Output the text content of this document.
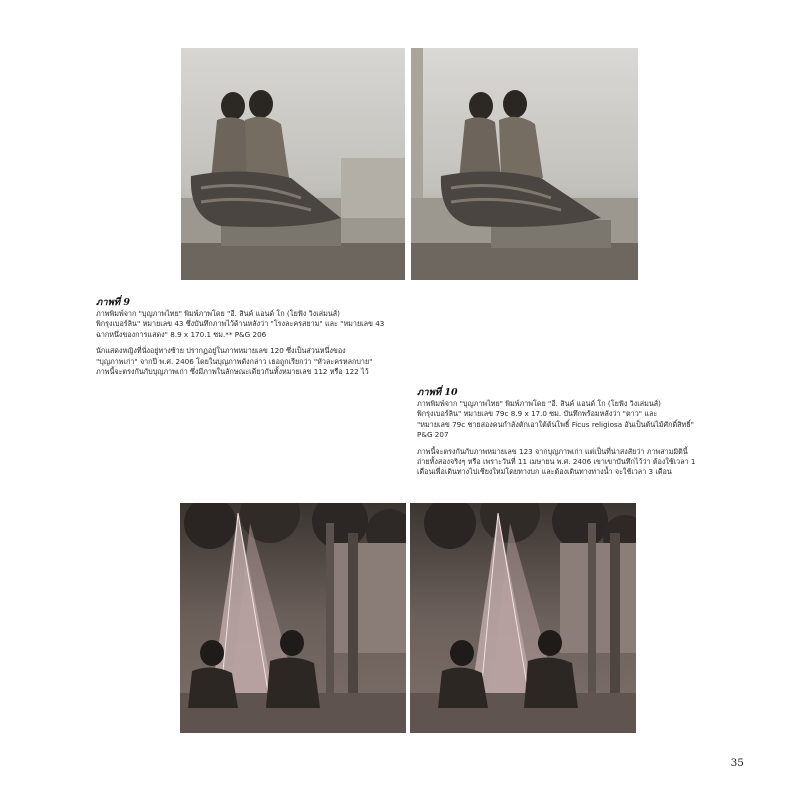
ภาพที่ 9

ภาพพิมพ์จาก "บุญภาพไทย" พิมพ์ภาพโดย "อี. สินค์ แอนด์ โก (โยฟัง วิงเล่มนส์)

พิกรุงเบอร์ลิน" หมายเลข 43 ซึ่งบันทึกภาพไว้ด้านหลังว่า "โรงละครสยาม" และ "หมายเลข 43

ฉากหนึ่งของการแสดง" 8.9 x 170.1 ซม.** P&G 206

นักแสดงหญิงที่นั่งอยู่ทางซ้าย ปรากฏอยู่ในภาพหมายเลข 120 ซึ่งเป็นส่วนหนึ่งของ

"บุญภาพเก่า" จากปี พ.ศ. 2406 โดยในบุญภาพดังกล่าว เธอถูกเรียกว่า "หัวละครหลกบาย"

ภาพนี้จะตรงกันกับบุญภาพเก่า ซึ่งมีภาพในลักษณะเดียวกันทั้งหมายเลข 112 หรือ 122 ไว้

ภาพที่ 10

ภาพพิมพ์จาก "บุญภาพไทย" พิมพ์ภาพโดย "อี. สินค์ แอนด์ โก (โยฟัง วิงเล่มนส์)

พิกรุงเบอร์ลิน" หมายเลข 79c 8.9 x 17.0 ซม. บันทึกพร้อมหลังว่า "ตาว" และ

"หมายเลข 79c ชายสองคนกำลังตักเอาใต้ต้นโพธิ์ Ficus religiosa อันเป็นต้นไม้ศักดิ์สิทธิ์"

P&G 207

ภาพนี้จะตรงกันกับภาพหมายเลข 123 จากบุญภาพเก่า แต่เป็นที่น่าสงสัยว่า ภาพสามมิตินี้

ถ่ายทั้งสองจริงๆ หรือ เพราะวันที่ 11 เมษายน พ.ศ. 2406 เขาเขาบันทึกไว้ว่า ต้องใช้เวลา 1

เดือนเพื่อเดินทางไปเชียงใหม่โดยทางบก และต้องเดินทางทางน้ำ จะใช้เวลา 3 เดือน

35
